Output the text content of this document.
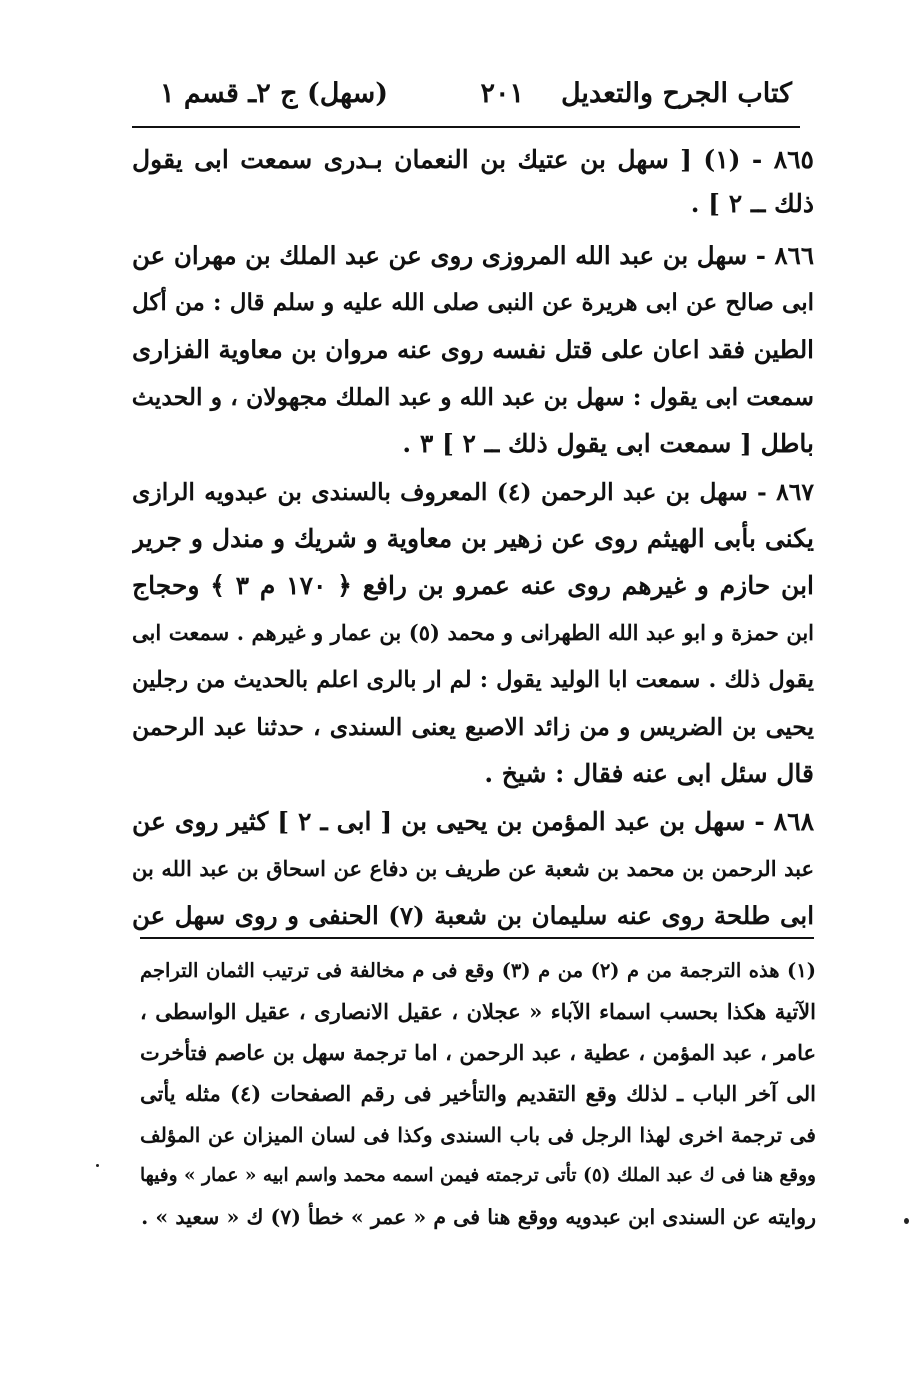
كتاب الجرح والتعديل
٢٠١
(سهل) ج ٢ـ قسم ١
٨٦٥ - (١) [ سهل بن عتيك بن النعمان بـدرى سمعت ابى يقول
ذلك ــ ٢ ] .
٨٦٦ - سهل بن عبد الله المروزى روى عن عبد الملك بن مهران عن
ابى صالح عن ابى هريرة عن النبى صلى الله عليه و سلم قال : من أكل
الطين فقد اعان على قتل نفسه روى عنه مروان بن معاوية الفزارى
سمعت ابى يقول : سهل بن عبد الله و عبد الملك مجهولان ، و الحديث
باطل [ سمعت ابى يقول ذلك ــ ٢ ] ٣ .
٨٦٧ - سهل بن عبد الرحمن (٤) المعروف بالسندى بن عبدويه الرازى
يكنى بأبى الهيثم روى عن زهير بن معاوية و شريك و مندل و جرير
ابن حازم و غيرهم روى عنه عمرو بن رافع ﴿ ١٧٠ م ٣ ﴾ وحجاج
ابن حمزة و ابو عبد الله الطهرانى و محمد (٥) بن عمار و غيرهم . سمعت ابى
يقول ذلك . سمعت ابا الوليد يقول : لم ار بالرى اعلم بالحديث من رجلين
يحيى بن الضريس و من زائد الاصبع يعنى السندى ، حدثنا عبد الرحمن
قال سئل ابى عنه فقال : شيخ .
٨٦٨ - سهل بن عبد المؤمن بن يحيى بن [ ابى ـ ٢ ] كثير روى عن
عبد الرحمن بن محمد بن شعبة عن طريف بن دفاع عن اسحاق بن عبد الله بن
ابى طلحة روى عنه سليمان بن شعبة (٧) الحنفى و روى سهل عن
(١) هذه الترجمة من م (٢) من م (٣) وقع فى م مخالفة فى ترتيب الثمان التراجم
الآتية هكذا بحسب اسماء الآباء « عجلان ، عقيل الانصارى ، عقيل الواسطى ،
عامر ، عبد المؤمن ، عطية ، عبد الرحمن ، اما ترجمة سهل بن عاصم فتأخرت
الى آخر الباب ـ لذلك وقع التقديم والتأخير فى رقم الصفحات (٤) مثله يأتى
فى ترجمة اخرى لهذا الرجل فى باب السندى وكذا فى لسان الميزان عن المؤلف
ووقع هنا فى ك عبد الملك (٥) تأتى ترجمته فيمن اسمه محمد واسم ابيه « عمار » وفيها
روايته عن السندى ابن عبدويه ووقع هنا فى م « عمر » خطأ (٧) ك « سعيد » .
